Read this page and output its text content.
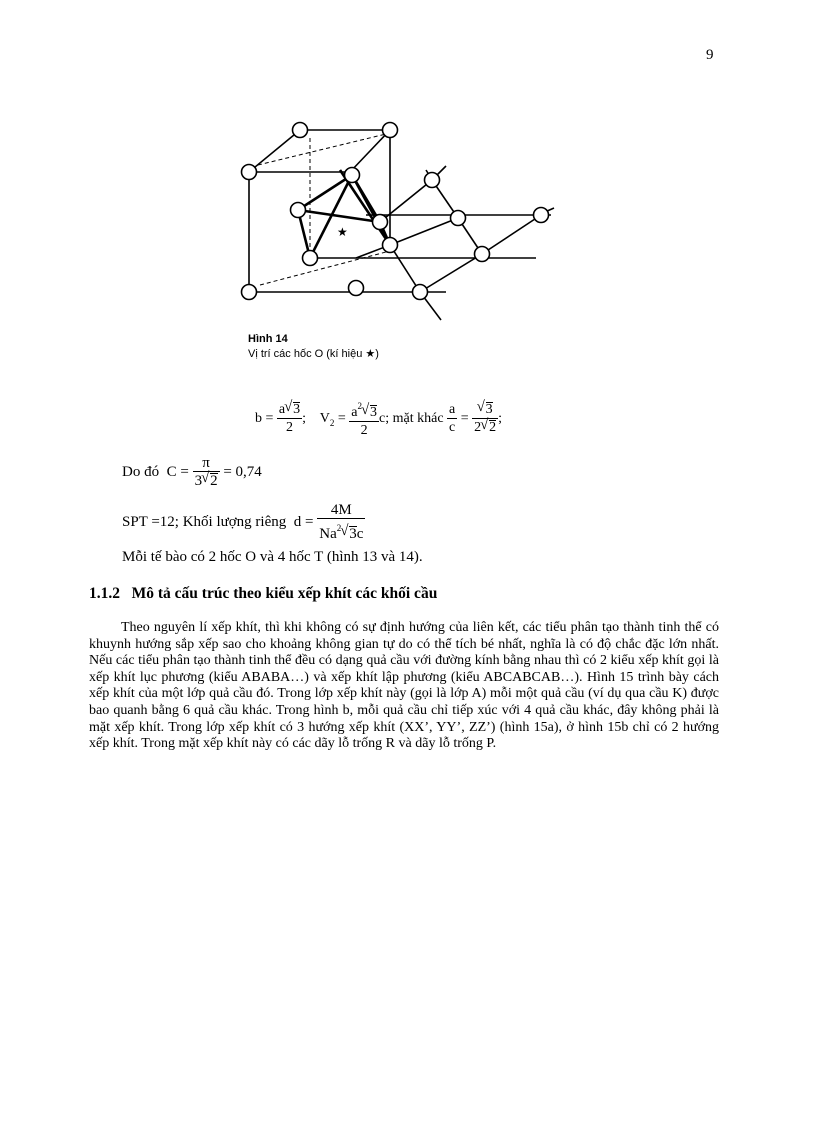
9
★
Hình 14
Vị trí các hốc O (kí hiệu ★)
$b = \frac{a √ 3}{2}$ ; $V_2 = \frac{a^2 √ 3}{2} c$; mặt khác $\frac{a}{c}$ = √ $\frac{3}{2 √ 2}$ ;
Do đó $C = \frac{\pi}{3 √ 2} = 0,74$
SPT =12; Khối lượng riêng $d = \frac{4M}{Na^2 √ 3c}$
Mỗi tế bào có 2 hốc O và 4 hốc T (hình 13 và 14).
1.1.2 Mô tả cấu trúc theo kiểu xếp khít các khối cầu
Theo nguyên lí xếp khít, thì khi không có sự định hướng của liên kết, các tiểu phân tạo thành tinh thể có khuynh hướng sắp xếp sao cho khoảng không gian tự do có thể tích bé nhất, nghĩa là có độ chắc đặc lớn nhất. Nếu các tiểu phân tạo thành tinh thể đều có dạng quả cầu với đường kính bằng nhau thì có 2 kiểu xếp khít gọi là xếp khít lục phương (kiểu ABABA…) và xếp khít lập phương (kiểu ABCABCAB…). Hình 15 trình bày cách xếp khít của một lớp quả cầu đó. Trong lớp xếp khít này (gọi là lớp A) mỗi một quả cầu (ví dụ qua cầu K) được bao quanh bằng 6 quả cầu khác. Trong hình b, mỗi quả cầu chỉ tiếp xúc với 4 quả cầu khác, đây không phải là mặt xếp khít. Trong lớp xếp khít có 3 hướng xếp khít (XX’, YY’, ZZ’) (hình 15a), ở hình 15b chỉ có 2 hướng xếp khít. Trong mặt xếp khít này có các dãy lỗ trống R và dãy lỗ trống P.
